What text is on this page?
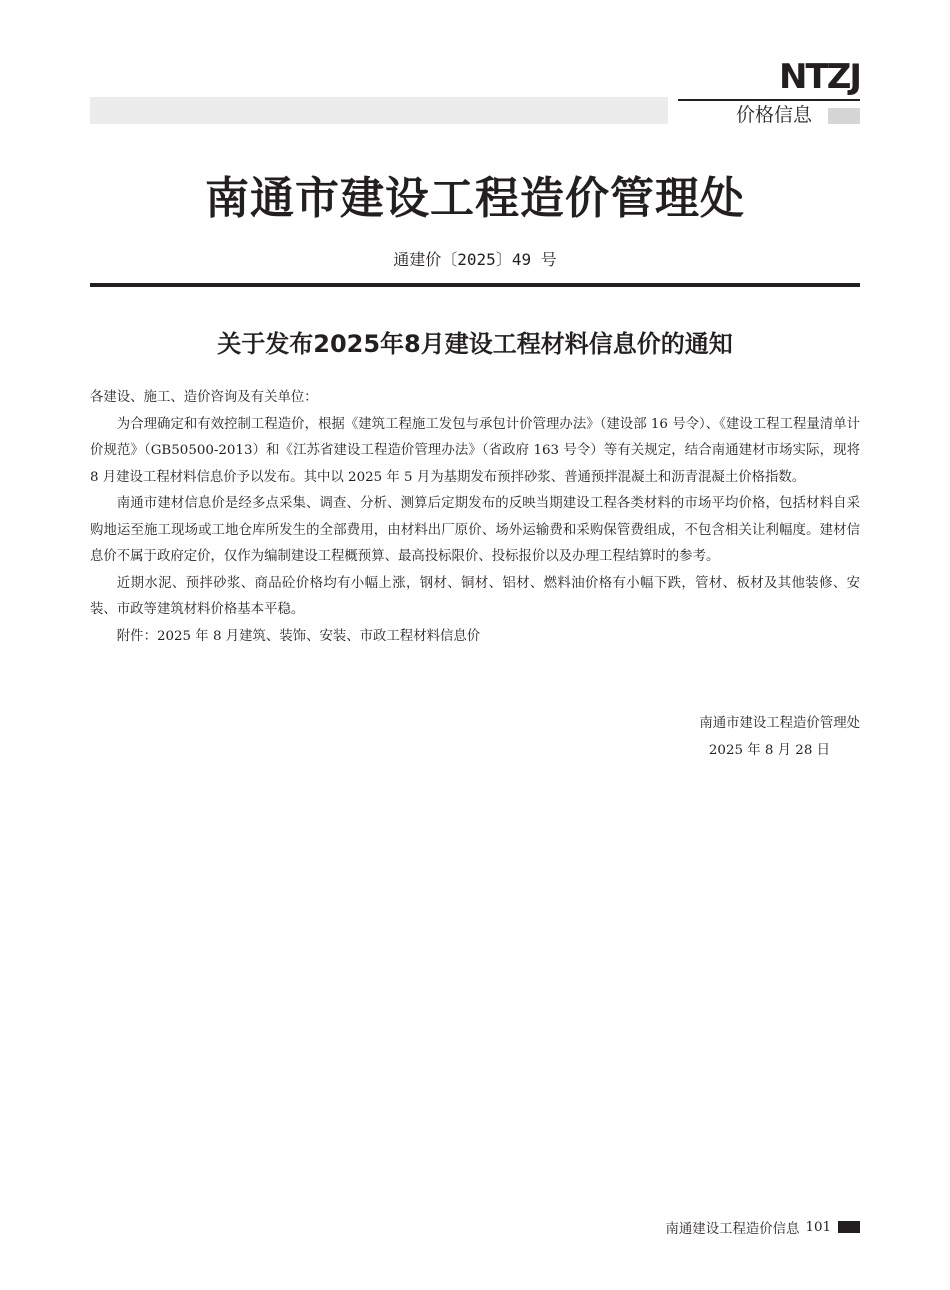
NTZJ
价格信息
南通市建设工程造价管理处
通建价〔2025〕49 号
关于发布2025年8月建设工程材料信息价的通知

各建设、施工、造价咨询及有关单位：

为合理确定和有效控制工程造价，根据《建筑工程施工发包与承包计价管理办法》（建设部 16 号令）、《建设工程工程量清单计价规范》（GB50500-2013）和《江苏省建设工程造价管理办法》（省政府 163 号令）等有关规定，结合南通建材市场实际，现将 8 月建设工程材料信息价予以发布。其中以 2025 年 5 月为基期发布预拌砂浆、普通预拌混凝土和沥青混凝土价格指数。

南通市建材信息价是经多点采集、调查、分析、测算后定期发布的反映当期建设工程各类材料的市场平均价格，包括材料自采购地运至施工现场或工地仓库所发生的全部费用，由材料出厂原价、场外运输费和采购保管费组成，不包含相关让利幅度。建材信息价不属于政府定价，仅作为编制建设工程概预算、最高投标限价、投标报价以及办理工程结算时的参考。

近期水泥、预拌砂浆、商品砼价格均有小幅上涨，钢材、铜材、铝材、燃料油价格有小幅下跌，管材、板材及其他装修、安装、市政等建筑材料价格基本平稳。

附件：2025 年 8 月建筑、装饰、安装、市政工程材料信息价

南通市建设工程造价管理处
2025 年 8 月 28 日
南通建设工程造价信息 101
